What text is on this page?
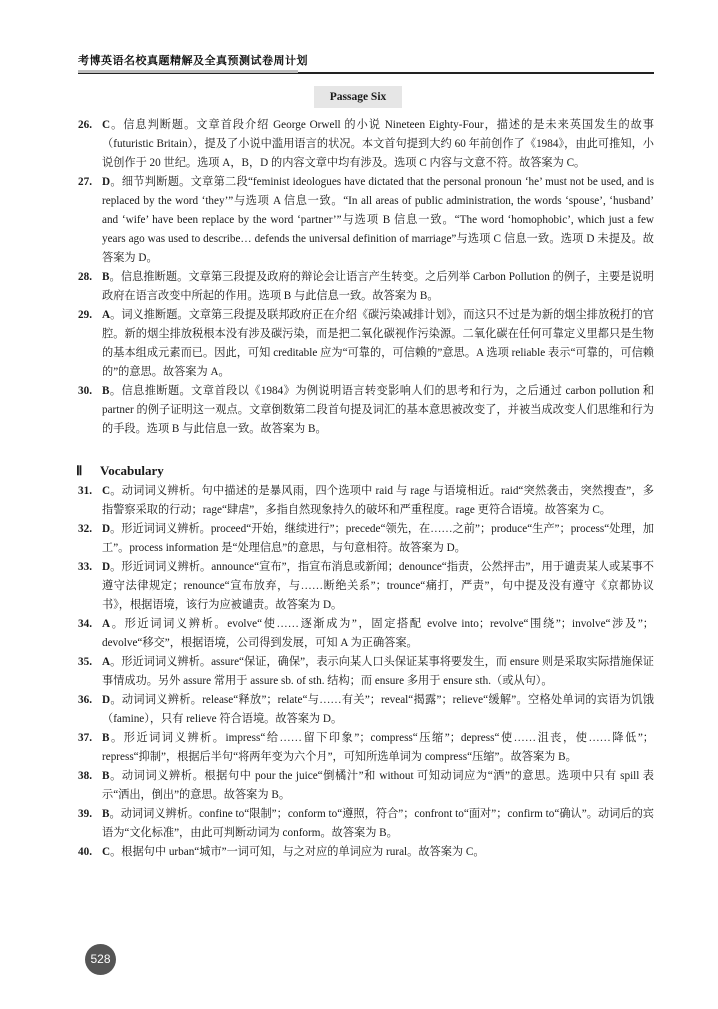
考博英语名校真题精解及全真预测试卷周计划
Passage Six
26. C。信息判断题。文章首段介绍 George Orwell 的小说 Nineteen Eighty-Four，描述的是未来英国发生的故事（futuristic Britain），提及了小说中滥用语言的状况。本文首句提到大约 60 年前创作了《1984》，由此可推知，小说创作于 20 世纪。选项 A，B，D 的内容文章中均有涉及。选项 C 内容与文意不符。故答案为 C。
27. D。细节判断题。文章第二段“feminist ideologues have dictated that the personal pronoun ‘he’ must not be used, and is replaced by the word ‘they’”与选项 A 信息一致。“In all areas of public administration, the words ‘spouse’, ‘husband’ and ‘wife’ have been replace by the word ‘partner’”与选项 B 信息一致。“The word ‘homophobic’, which just a few years ago was used to describe… defends the universal definition of marriage”与选项 C 信息一致。选项 D 未提及。故答案为 D。
28. B。信息推断题。文章第三段提及政府的辩论会让语言产生转变。之后列举 Carbon Pollution 的例子，主要是说明政府在语言改变中所起的作用。选项 B 与此信息一致。故答案为 B。
29. A。词义推断题。文章第三段提及联邦政府正在介绍《碳污染减排计划》，而这只不过是为新的烟尘排放税打的官腔。新的烟尘排放税根本没有涉及碳污染，而是把二氧化碳视作污染源。二氧化碳在任何可靠定义里都只是生物的基本组成元素而已。因此，可知 creditable 应为“可靠的，可信赖的”意思。A 选项 reliable 表示“可靠的，可信赖的”的意思。故答案为 A。
30. B。信息推断题。文章首段以《1984》为例说明语言转变影响人们的思考和行为，之后通过 carbon pollution 和 partner 的例子证明这一观点。文章倒数第二段首句提及词汇的基本意思被改变了，并被当成改变人们思维和行为的手段。选项 B 与此信息一致。故答案为 B。
Ⅱ Vocabulary
31. C。动词词义辨析。句中描述的是暴风雨，四个选项中 raid 与 rage 与语境相近。raid“突然袭击，突然搜查”，多指警察采取的行动；rage“肆虐”，多指自然现象持久的破坏和严重程度。rage 更符合语境。故答案为 C。
32. D。形近词词义辨析。proceed“开始，继续进行”；precede“领先，在……之前”；produce“生产”；process“处理，加工”。process information 是“处理信息”的意思，与句意相符。故答案为 D。
33. D。形近词词义辨析。announce“宣布”，指宣布消息或新闻；denounce“指责，公然抨击”，用于谴责某人或某事不遵守法律规定；renounce“宣布放弃，与……断绝关系”；trounce“痛打，严责”，句中提及没有遵守《京都协议书》，根据语境，该行为应被谴责。故答案为 D。
34. A。形近词词义辨析。evolve“使……逐渐成为”，固定搭配 evolve into；revolve“围绕”；involve“涉及”；devolve“移交”，根据语境，公司得到发展，可知 A 为正确答案。
35. A。形近词词义辨析。assure“保证，确保”，表示向某人口头保证某事将要发生，而 ensure 则是采取实际措施保证事情成功。另外 assure 常用于 assure sb. of sth. 结构；而 ensure 多用于 ensure sth.（或从句）。
36. D。动词词义辨析。release“释放”；relate“与……有关”；reveal“揭露”；relieve“缓解”。空格处单词的宾语为饥饿（famine），只有 relieve 符合语境。故答案为 D。
37. B。形近词词义辨析。impress“给……留下印象”；compress“压缩”；depress“使……沮丧，使……降低”；repress“抑制”，根据后半句“将两年变为六个月”，可知所选单词为 compress“压缩”。故答案为 B。
38. B。动词词义辨析。根据句中 pour the juice“倒橘汁”和 without 可知动词应为“洒”的意思。选项中只有 spill 表示“洒出，倒出”的意思。故答案为 B。
39. B。动词词义辨析。confine to“限制”；conform to“遵照，符合”；confront to“面对”；confirm to“确认”。动词后的宾语为“文化标准”，由此可判断动词为 conform。故答案为 B。
40. C。根据句中 urban“城市”一词可知，与之对应的单词应为 rural。故答案为 C。
528
